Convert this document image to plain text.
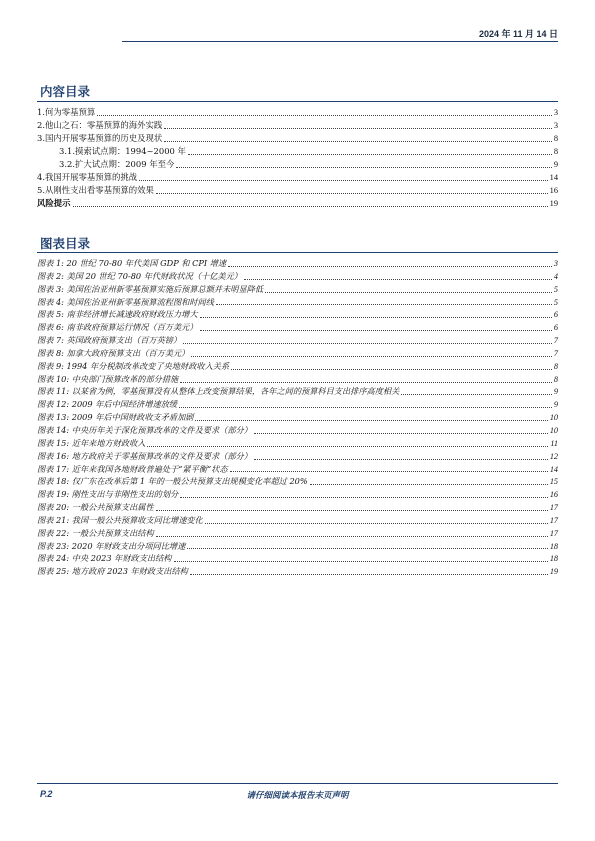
2024 年 11 月 14 日
内容目录
1.何为零基预算	3
2.他山之石：零基预算的海外实践	3
3.国内开展零基预算的历史及现状	8
3.1.摸索试点期：1994~2000 年	8
3.2.扩大试点期：2009 年至今	9
4.我国开展零基预算的挑战	14
5.从刚性支出看零基预算的效果	16
风险提示	19
图表目录
图表 1: 20 世纪 70-80 年代美国 GDP 和 CPI 增速	3
图表 2: 美国 20 世纪 70-80 年代财政状况（十亿美元）	4
图表 3: 美国佐治亚州新零基预算实施后预算总额并未明显降低	5
图表 4: 美国佐治亚州新零基预算流程图和时间线	5
图表 5: 南非经济增长减速政府财政压力增大	6
图表 6: 南非政府预算运行情况（百万美元）	6
图表 7: 英国政府预算支出（百万英镑）	7
图表 8: 加拿大政府预算支出（百万美元）	7
图表 9: 1994 年分税制改革改变了央地财政收入关系	8
图表 10: 中央部门预算改革的部分措施	8
图表 11: 以某省为例，零基预算没有从整体上改变预算结果，各年之间的预算科目支出排序高度相关	9
图表 12: 2009 年后中国经济增速放缓	9
图表 13: 2009 年后中国财政收支矛盾加剧	10
图表 14: 中央历年关于深化预算改革的文件及要求（部分）	10
图表 15: 近年来地方财政收入	11
图表 16: 地方政府关于零基预算改革的文件及要求（部分）	12
图表 17: 近年来我国各地财政普遍处于“紧平衡”状态	14
图表 18: 仅广东在改革后第 1 年的一般公共预算支出规模变化率超过 20%	15
图表 19: 刚性支出与非刚性支出的划分	16
图表 20: 一般公共预算支出属性	17
图表 21: 我国一般公共预算收支同比增速变化	17
图表 22: 一般公共预算支出结构	17
图表 23: 2020 年财政支出分项同比增速	18
图表 24: 中央 2023 年财政支出结构	18
图表 25: 地方政府 2023 年财政支出结构	19
P.2	请仔细阅读本报告末页声明
